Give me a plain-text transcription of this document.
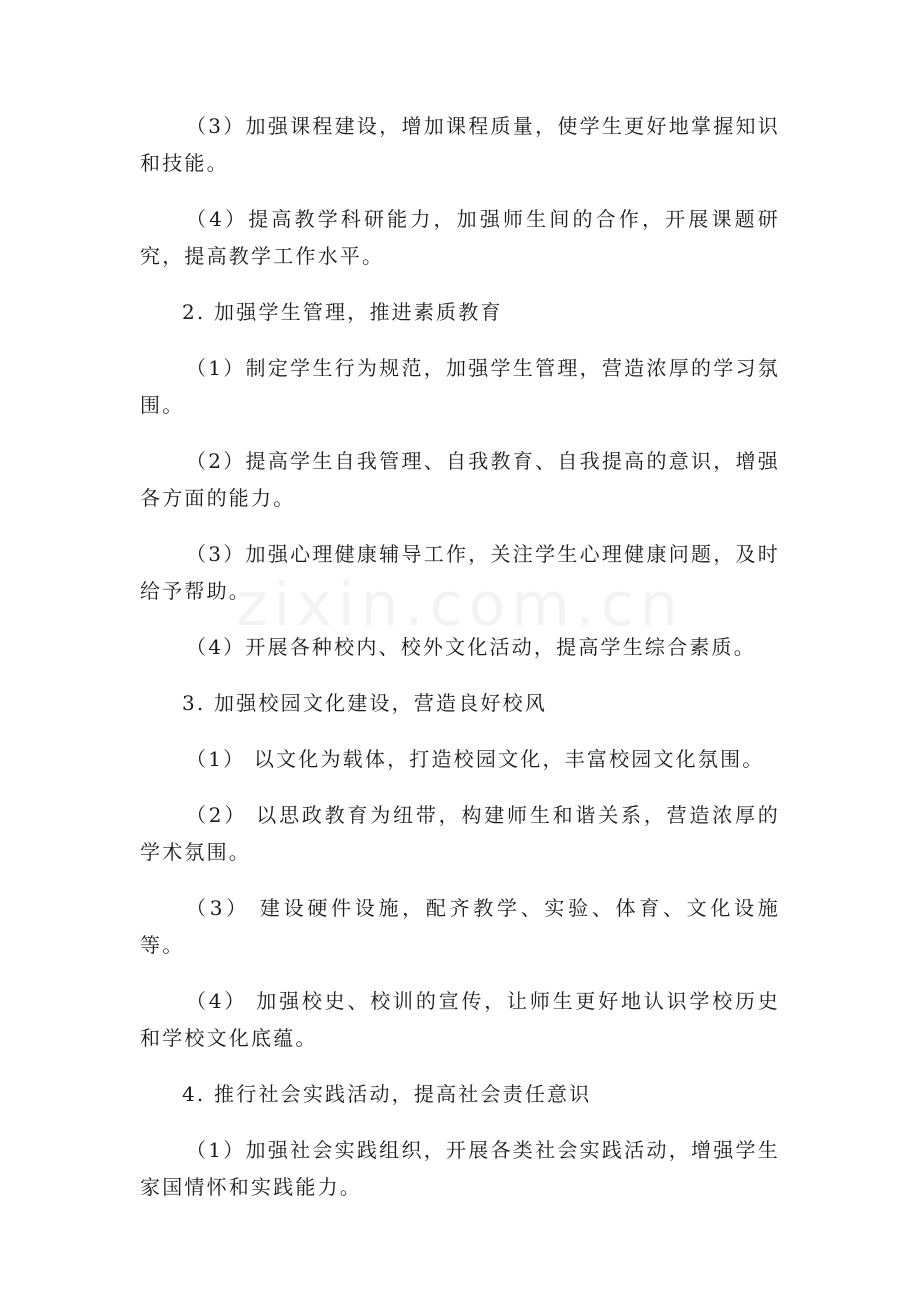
（3）加强课程建设，增加课程质量，使学生更好地掌握知识和技能。

（4）提高教学科研能力，加强师生间的合作，开展课题研究，提高教学工作水平。

2. 加强学生管理，推进素质教育

（1）制定学生行为规范，加强学生管理，营造浓厚的学习氛围。

（2）提高学生自我管理、自我教育、自我提高的意识，增强各方面的能力。

（3）加强心理健康辅导工作，关注学生心理健康问题，及时给予帮助。

（4）开展各种校内、校外文化活动，提高学生综合素质。

3. 加强校园文化建设，营造良好校风

（1） 以文化为载体，打造校园文化，丰富校园文化氛围。

（2） 以思政教育为纽带，构建师生和谐关系，营造浓厚的学术氛围。

（3） 建设硬件设施，配齐教学、实验、体育、文化设施等。

（4） 加强校史、校训的宣传，让师生更好地认识学校历史和学校文化底蕴。

4. 推行社会实践活动，提高社会责任意识

（1）加强社会实践组织，开展各类社会实践活动，增强学生家国情怀和实践能力。
